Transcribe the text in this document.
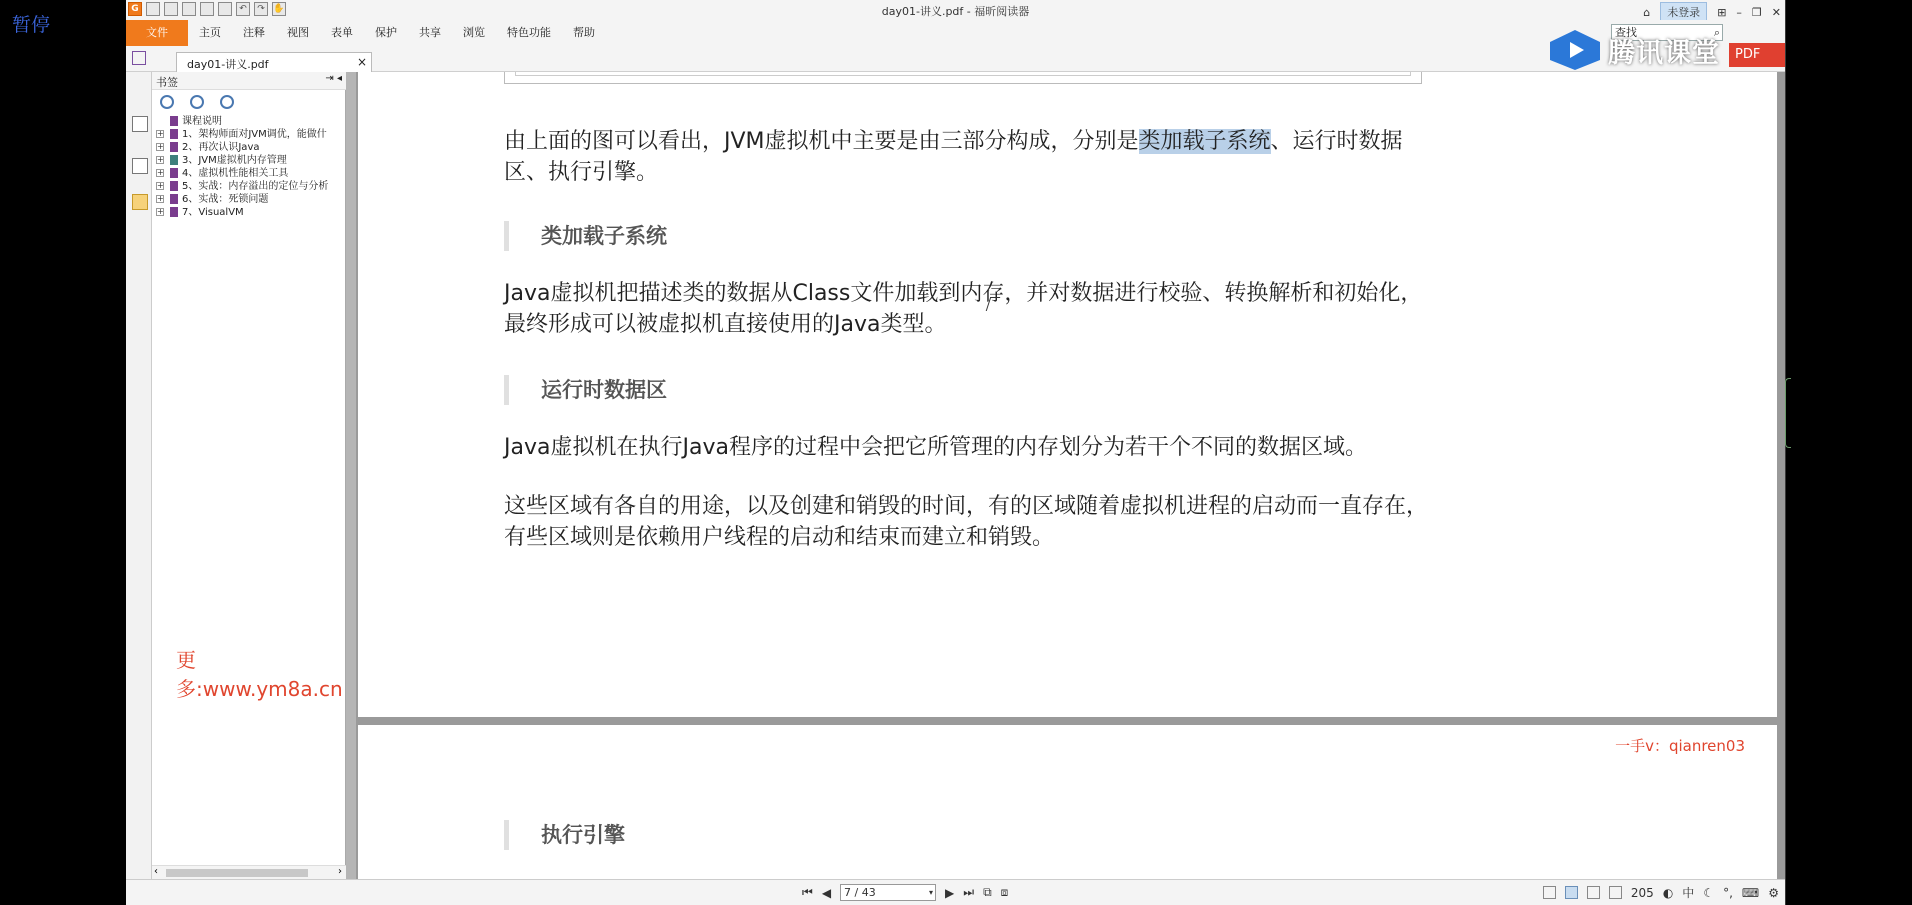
暂停
G	↶	↷ ✋	day01-讲义.pdf - 福昕阅读器	⌂	未登录	⊞ – ❐ ✕
文件	主页	注释	视图	表单	保护	共享	浏览	特色功能	帮助	查找	⌕
day01-讲义.pdf	×
书签	⇥ ◂
课程说明
+ 1、架构师面对JVM调优，能做什
+ 2、再次认识Java
+ 3、JVM虚拟机内存管理
+ 4、虚拟机性能相关工具
+ 5、实战：内存溢出的定位与分析
+ 6、实战：死锁问题
+ 7、VisualVM
更多:www.ym8a.cn
‹	›
由上面的图可以看出，JVM虚拟机中主要是由三部分构成，分别是类加载子系统、运行时数据区、执行引擎。
类加载子系统
Java虚拟机把描述类的数据从Class文件加载到内存，并对数据进行校验、转换解析和初始化，最终形成可以被虚拟机直接使用的Java类型。
运行时数据区
Java虚拟机在执行Java程序的过程中会把它所管理的内存划分为若干个不同的数据区域。
这些区域有各自的用途，以及创建和销毁的时间，有的区域随着虚拟机进程的启动而一直存在，有些区域则是依赖用户线程的启动和结束而建立和销毁。
一手v：qianren03
执行引擎
⏮ ◀	7 / 43	▾ ▶ ⏭ ⧉ ⧈	205 ◐ 中 ☾ °, ⌨ ⚙
腾讯课堂	PDF
